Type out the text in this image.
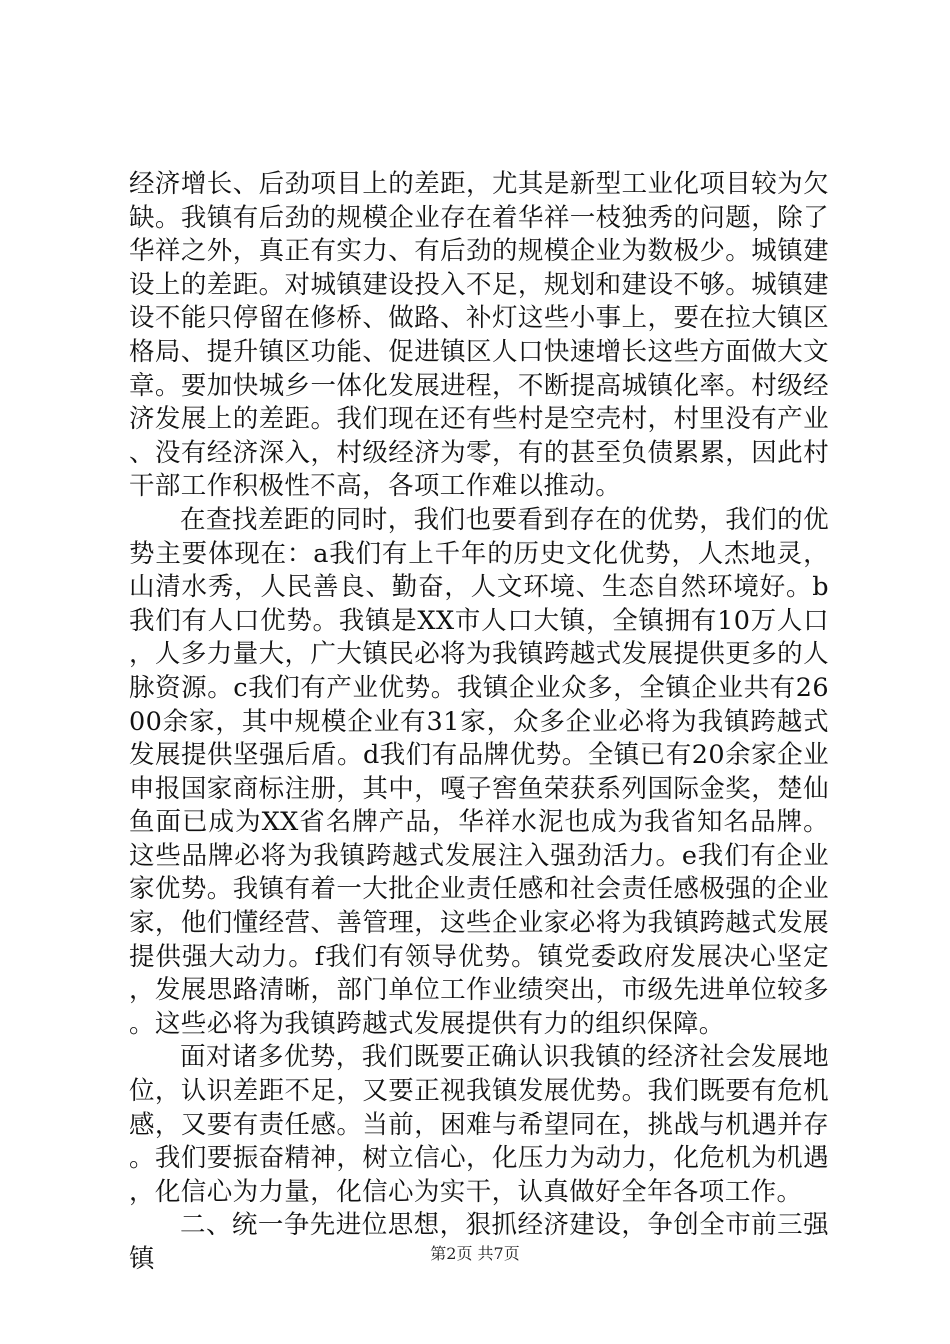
经济增长、后劲项目上的差距，尤其是新型工业化项目较为欠缺。我镇有后劲的规模企业存在着华祥一枝独秀的问题，除了华祥之外，真正有实力、有后劲的规模企业为数极少。城镇建设上的差距。对城镇建设投入不足，规划和建设不够。城镇建设不能只停留在修桥、做路、补灯这些小事上，要在拉大镇区格局、提升镇区功能、促进镇区人口快速增长这些方面做大文章。要加快城乡一体化发展进程，不断提高城镇化率。村级经济发展上的差距。我们现在还有些村是空壳村，村里没有产业、没有经济深入，村级经济为零，有的甚至负债累累，因此村干部工作积极性不高，各项工作难以推动。

在查找差距的同时，我们也要看到存在的优势，我们的优势主要体现在：a我们有上千年的历史文化优势，人杰地灵，山清水秀，人民善良、勤奋，人文环境、生态自然环境好。b我们有人口优势。我镇是XX市人口大镇，全镇拥有10万人口，人多力量大，广大镇民必将为我镇跨越式发展提供更多的人脉资源。c我们有产业优势。我镇企业众多，全镇企业共有2600余家，其中规模企业有31家，众多企业必将为我镇跨越式发展提供坚强后盾。d我们有品牌优势。全镇已有20余家企业申报国家商标注册，其中，嘎子窖鱼荣获系列国际金奖，楚仙鱼面已成为XX省名牌产品，华祥水泥也成为我省知名品牌。这些品牌必将为我镇跨越式发展注入强劲活力。e我们有企业家优势。我镇有着一大批企业责任感和社会责任感极强的企业家，他们懂经营、善管理，这些企业家必将为我镇跨越式发展提供强大动力。f我们有领导优势。镇党委政府发展决心坚定，发展思路清晰，部门单位工作业绩突出，市级先进单位较多。这些必将为我镇跨越式发展提供有力的组织保障。

面对诸多优势，我们既要正确认识我镇的经济社会发展地位，认识差距不足，又要正视我镇发展优势。我们既要有危机感，又要有责任感。当前，困难与希望同在，挑战与机遇并存。我们要振奋精神，树立信心，化压力为动力，化危机为机遇，化信心为力量，化信心为实干，认真做好全年各项工作。

二、统一争先进位思想，狠抓经济建设，争创全市前三强镇	第2页 共7页
